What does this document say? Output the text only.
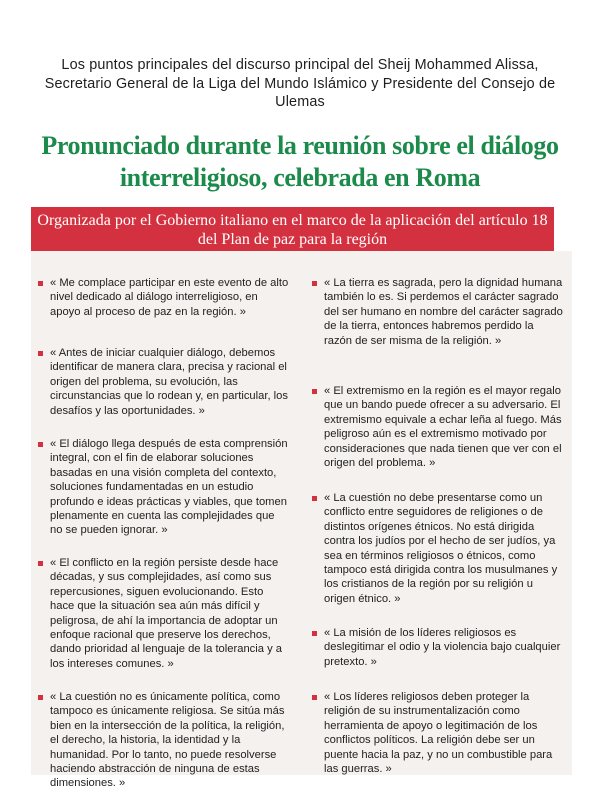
Los puntos principales del discurso principal del Sheij Mohammed Alissa, Secretario General de la Liga del Mundo Islámico y Presidente del Consejo de Ulemas
Pronunciado durante la reunión sobre el diálogo interreligioso, celebrada en Roma
Organizada por el Gobierno italiano en el marco de la aplicación del artículo 18 del Plan de paz para la región
« Me complace participar en este evento de alto nivel dedicado al diálogo interreligioso, en apoyo al proceso de paz en la región. »
« Antes de iniciar cualquier diálogo, debemos identificar de manera clara, precisa y racional el origen del problema, su evolución, las circunstancias que lo rodean y, en particular, los desafíos y las oportunidades. »
« El diálogo llega después de esta comprensión integral, con el fin de elaborar soluciones basadas en una visión completa del contexto, soluciones fundamentadas en un estudio profundo e ideas prácticas y viables, que tomen plenamente en cuenta las complejidades que no se pueden ignorar. »
« El conflicto en la región persiste desde hace décadas, y sus complejidades, así como sus repercusiones, siguen evolucionando. Esto hace que la situación sea aún más difícil y peligrosa, de ahí la importancia de adoptar un enfoque racional que preserve los derechos, dando prioridad al lenguaje de la tolerancia y a los intereses comunes. »
« La cuestión no es únicamente política, como tampoco es únicamente religiosa. Se sitúa más bien en la intersección de la política, la religión, el derecho, la historia, la identidad y la humanidad. Por lo tanto, no puede resolverse haciendo abstracción de ninguna de estas dimensiones. »
« La tierra es sagrada, pero la dignidad humana también lo es. Si perdemos el carácter sagrado del ser humano en nombre del carácter sagrado de la tierra, entonces habremos perdido la razón de ser misma de la religión. »
« El extremismo en la región es el mayor regalo que un bando puede ofrecer a su adversario. El extremismo equivale a echar leña al fuego. Más peligroso aún es el extremismo motivado por consideraciones que nada tienen que ver con el origen del problema. »
« La cuestión no debe presentarse como un conflicto entre seguidores de religiones o de distintos orígenes étnicos. No está dirigida contra los judíos por el hecho de ser judíos, ya sea en términos religiosos o étnicos, como tampoco está dirigida contra los musulmanes y los cristianos de la región por su religión u origen étnico. »
« La misión de los líderes religiosos es deslegitimar el odio y la violencia bajo cualquier pretexto. »
« Los líderes religiosos deben proteger la religión de su instrumentalización como herramienta de apoyo o legitimación de los conflictos políticos. La religión debe ser un puente hacia la paz, y no un combustible para las guerras. »
